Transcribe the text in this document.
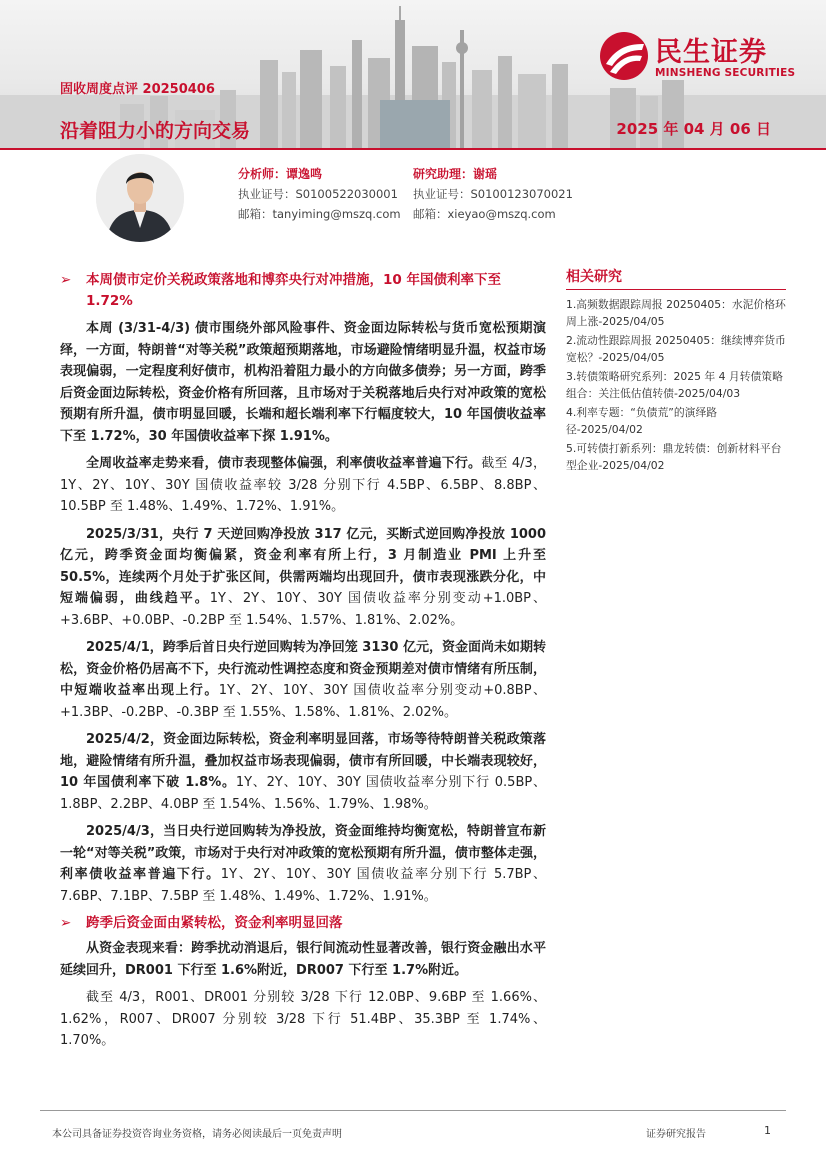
固收周度点评 20250406
沿着阻力小的方向交易	2025 年 04 月 06 日
民生证券
MINSHENG SECURITIES
分析师：谭逸鸣
执业证号：S0100522030001
邮箱：tanyiming@mszq.com
研究助理：谢瑶
执业证号：S0100123070021
邮箱：xieyao@mszq.com

➢ 本周债市定价关税政策落地和博弈央行对冲措施，10 年国债利率下至 1.72%

本周 (3/31-4/3) 债市围绕外部风险事件、资金面边际转松与货币宽松预期演绎，一方面，特朗普“对等关税”政策超预期落地，市场避险情绪明显升温，权益市场表现偏弱，一定程度利好债市，机构沿着阻力最小的方向做多债券；另一方面，跨季后资金面边际转松，资金价格有所回落，且市场对于关税落地后央行对冲政策的宽松预期有所升温，债市明显回暖，长端和超长端利率下行幅度较大，10 年国债收益率下至 1.72%，30 年国债收益率下探 1.91%。

全周收益率走势来看，债市表现整体偏强，利率债收益率普遍下行。截至 4/3，1Y、2Y、10Y、30Y 国债收益率较 3/28 分别下行 4.5BP、6.5BP、8.8BP、10.5BP 至 1.48%、1.49%、1.72%、1.91%。

2025/3/31，央行 7 天逆回购净投放 317 亿元，买断式逆回购净投放 1000 亿元，跨季资金面均衡偏紧，资金利率有所上行，3 月制造业 PMI 上升至 50.5%，连续两个月处于扩张区间，供需两端均出现回升，债市表现涨跌分化，中短端偏弱，曲线趋平。1Y、2Y、10Y、30Y 国债收益率分别变动+1.0BP、+3.6BP、+0.0BP、-0.2BP 至 1.54%、1.57%、1.81%、2.02%。

2025/4/1，跨季后首日央行逆回购转为净回笼 3130 亿元，资金面尚未如期转松，资金价格仍居高不下，央行流动性调控态度和资金预期差对债市情绪有所压制，中短端收益率出现上行。1Y、2Y、10Y、30Y 国债收益率分别变动+0.8BP、+1.3BP、-0.2BP、-0.3BP 至 1.55%、1.58%、1.81%、2.02%。

2025/4/2，资金面边际转松，资金利率明显回落，市场等待特朗普关税政策落地，避险情绪有所升温，叠加权益市场表现偏弱，债市有所回暖，中长端表现较好，10 年国债利率下破 1.8%。1Y、2Y、10Y、30Y 国债收益率分别下行 0.5BP、1.8BP、2.2BP、4.0BP 至 1.54%、1.56%、1.79%、1.98%。

2025/4/3，当日央行逆回购转为净投放，资金面维持均衡宽松，特朗普宣布新一轮“对等关税”政策，市场对于央行对冲政策的宽松预期有所升温，债市整体走强，利率债收益率普遍下行。1Y、2Y、10Y、30Y 国债收益率分别下行 5.7BP、7.6BP、7.1BP、7.5BP 至 1.48%、1.49%、1.72%、1.91%。

➢ 跨季后资金面由紧转松，资金利率明显回落

从资金表现来看：跨季扰动消退后，银行间流动性显著改善，银行资金融出水平延续回升，DR001 下行至 1.6%附近，DR007 下行至 1.7%附近。

截至 4/3，R001、DR001 分别较 3/28 下行 12.0BP、9.6BP 至 1.66%、1.62%，R007、DR007 分别较 3/28 下行 51.4BP、35.3BP 至 1.74%、1.70%。

相关研究
1.高频数据跟踪周报 20250405：水泥价格环周上涨-2025/04/05
2.流动性跟踪周报 20250405：继续博弈货币宽松？-2025/04/05
3.转债策略研究系列：2025 年 4 月转债策略组合：关注低估值转债-2025/04/03
4.利率专题：“负债荒”的演绎路径-2025/04/02
5.可转债打新系列：鼎龙转债：创新材料平台型企业-2025/04/02
本公司具备证券投资咨询业务资格，请务必阅读最后一页免责声明	证券研究报告	1
